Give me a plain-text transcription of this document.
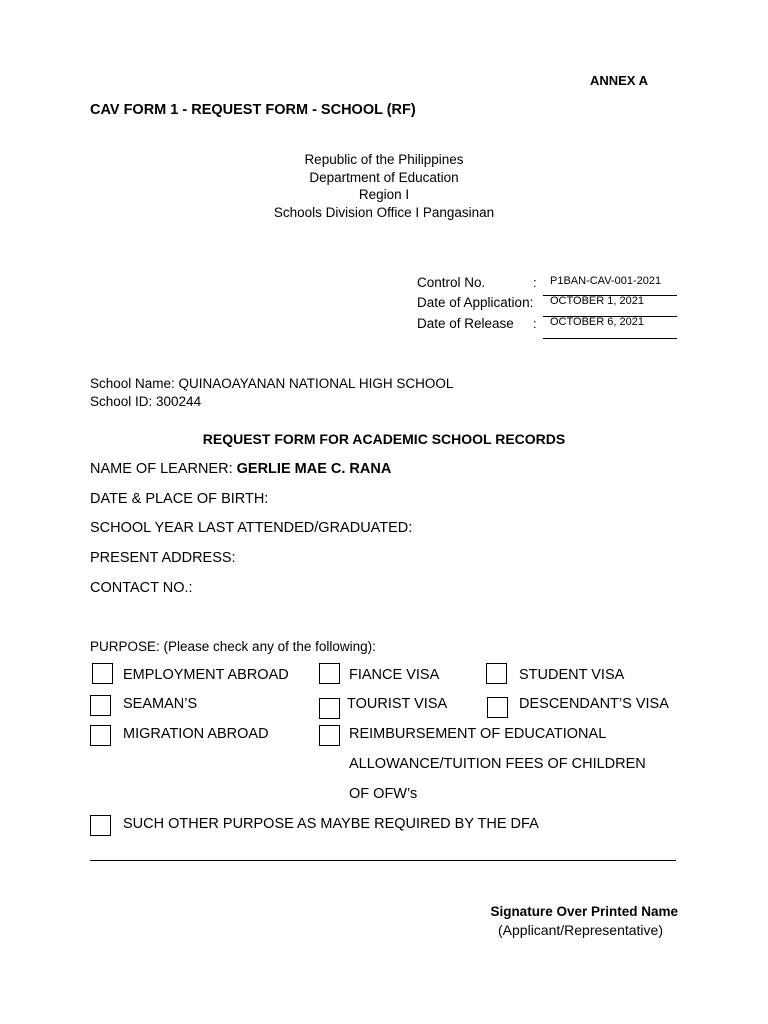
ANNEX A
CAV FORM 1 - REQUEST FORM - SCHOOL (RF)
Republic of the Philippines
Department of Education
Region I
Schools Division Office I Pangasinan
Control No.	: P1BAN-CAV-001-2021
Date of Application: OCTOBER 1, 2021
Date of Release : OCTOBER 6, 2021
School Name: QUINAOAYANAN NATIONAL HIGH SCHOOL
School ID: 300244
REQUEST FORM FOR ACADEMIC SCHOOL RECORDS
NAME OF LEARNER: GERLIE MAE C. RANA
DATE & PLACE OF BIRTH:
SCHOOL YEAR LAST ATTENDED/GRADUATED:
PRESENT ADDRESS:
CONTACT NO.:
PURPOSE: (Please check any of the following):
EMPLOYMENT ABROAD	FIANCE VISA	STUDENT VISA
SEAMAN’S	TOURIST VISA	DESCENDANT’S VISA
MIGRATION ABROAD	REIMBURSEMENT OF EDUCATIONAL
ALLOWANCE/TUITION FEES OF CHILDREN
OF OFW’s
SUCH OTHER PURPOSE AS MAYBE REQUIRED BY THE DFA
Signature Over Printed Name
(Applicant/Representative)
